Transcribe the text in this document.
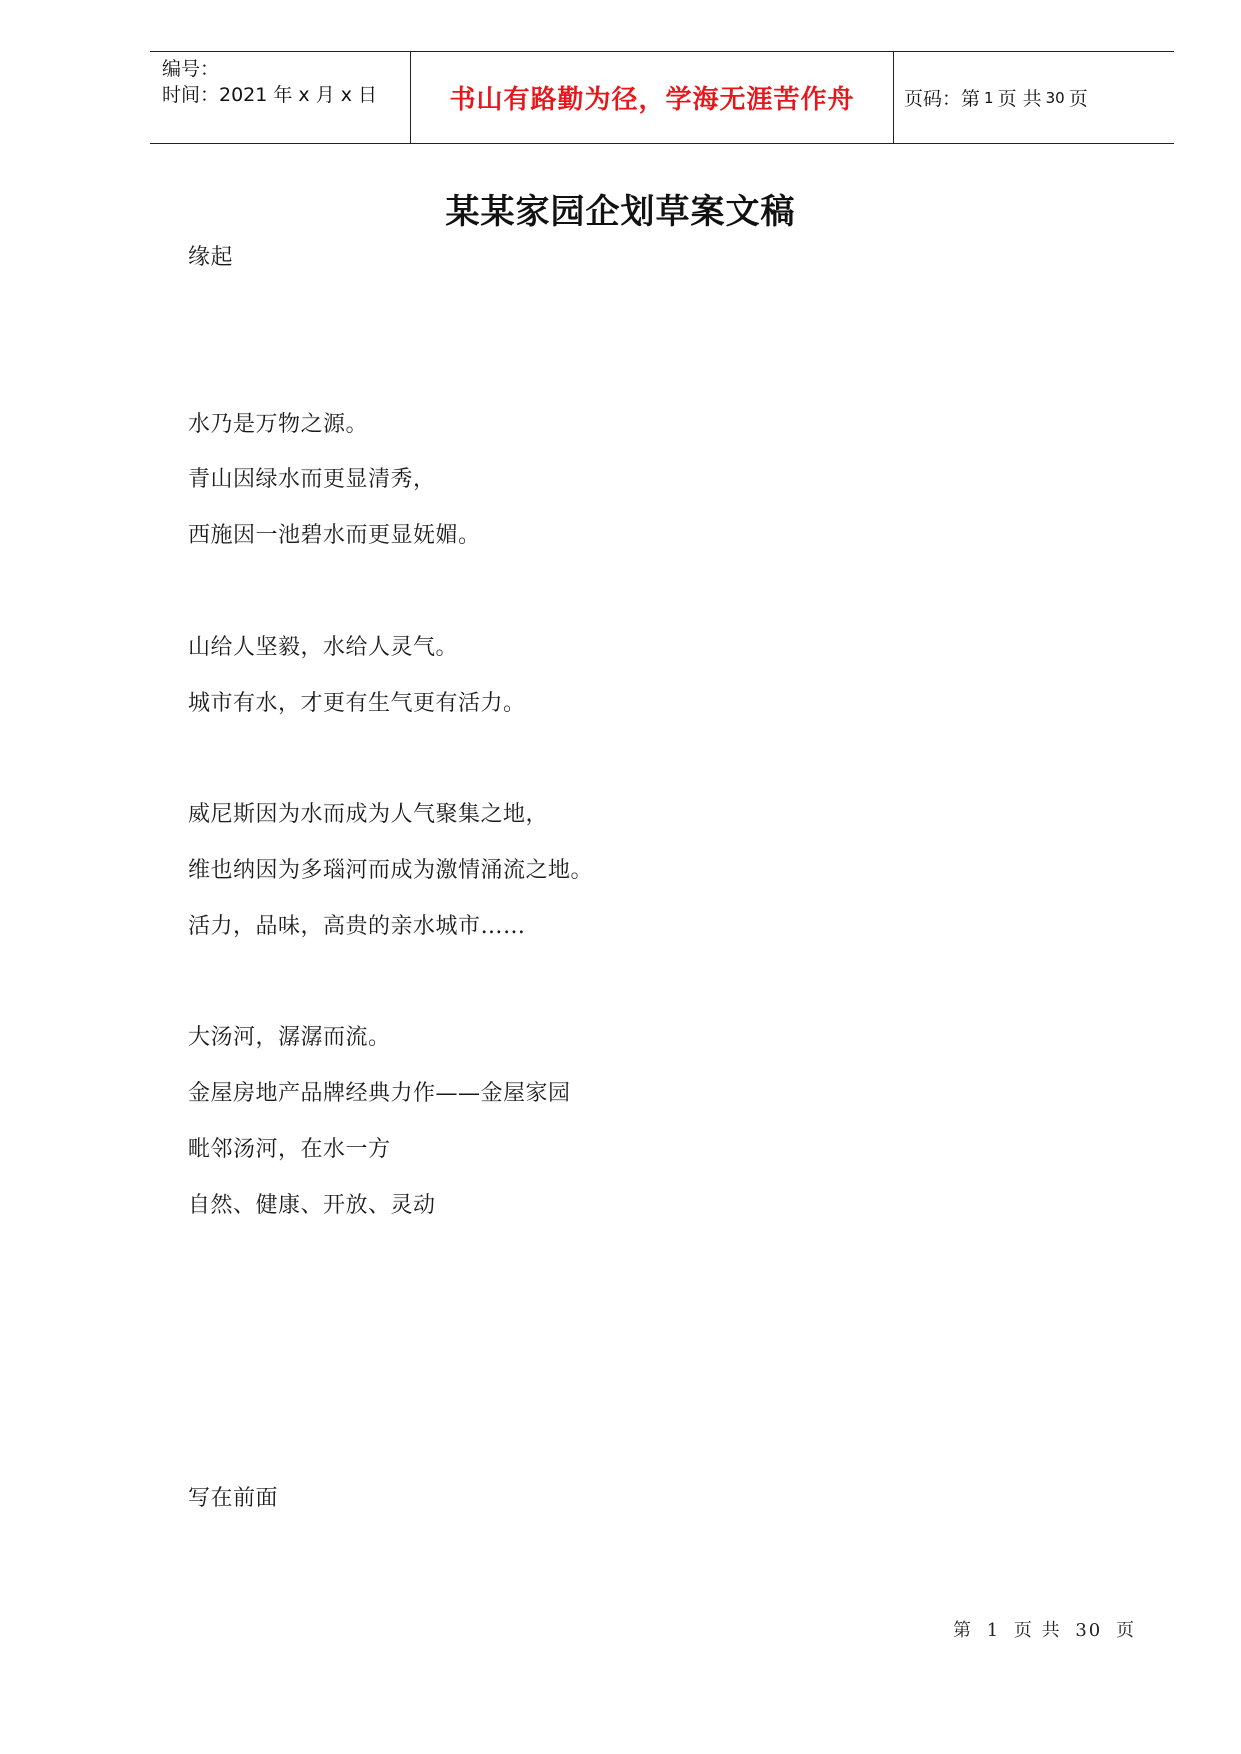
编号：
时间：2021 年 x 月 x 日	书山有路勤为径，学海无涯苦作舟	页码：第 1 页 共 30 页
某某家园企划草案文稿
缘起
水乃是万物之源。
青山因绿水而更显清秀，
西施因一池碧水而更显妩媚。
山给人坚毅，水给人灵气。
城市有水，才更有生气更有活力。
威尼斯因为水而成为人气聚集之地，
维也纳因为多瑙河而成为激情涌流之地。
活力，品味，高贵的亲水城市……
大汤河，潺潺而流。
金屋房地产品牌经典力作——金屋家园
毗邻汤河，在水一方
自然、健康、开放、灵动
写在前面
第 1 页 共 30 页
